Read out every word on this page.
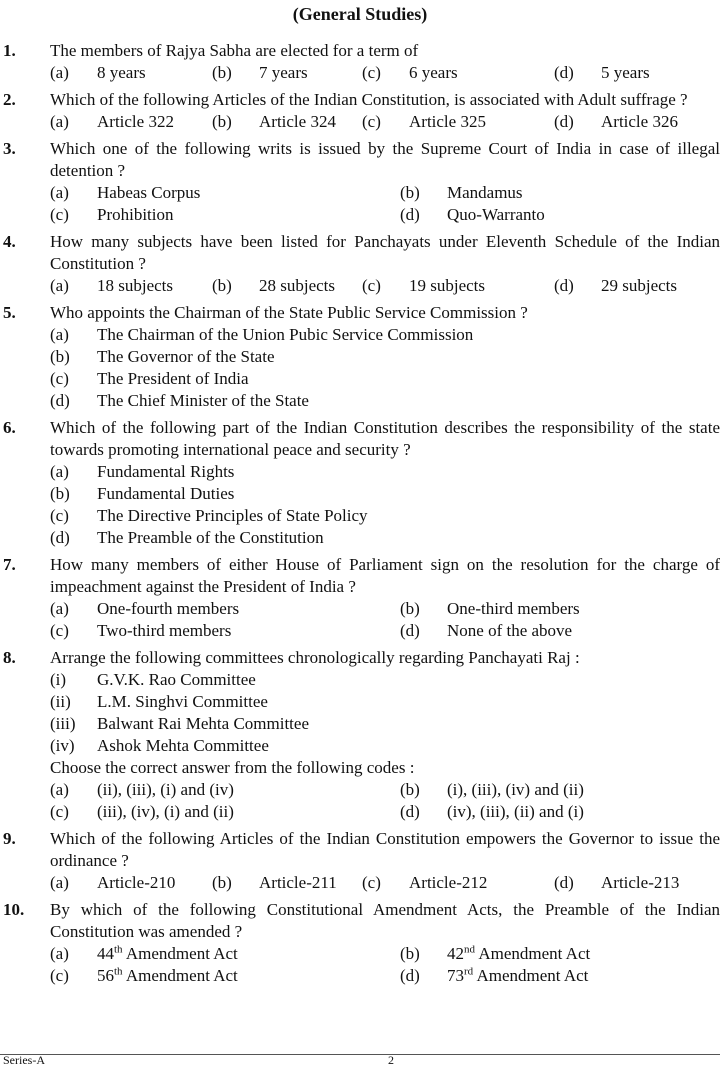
(General Studies)
1. The members of Rajya Sabha are elected for a term of
(a)	8 years	(b)	7 years	(c)	6 years	(d)	5 years
2. Which of the following Articles of the Indian Constitution, is associated with Adult suffrage ?
(a)	Article 322 (b)	Article 324 (c)	Article 325	(d)	Article 326
3. Which one of the following writs is issued by the Supreme Court of India in case of illegal detention ?
(a)	Habeas Corpus	(b)	Mandamus
(c)	Prohibition	(d)	Quo-Warranto
4. How many subjects have been listed for Panchayats under Eleventh Schedule of the Indian Constitution ?
(a)	18 subjects (b)	28 subjects (c)	19 subjects	(d)	29 subjects
5. Who appoints the Chairman of the State Public Service Commission ?
(a)	The Chairman of the Union Pubic Service Commission
(b)	The Governor of the State
(c)	The President of India
(d)	The Chief Minister of the State
6. Which of the following part of the Indian Constitution describes the responsibility of the state towards promoting international peace and security ?
(a)	Fundamental Rights
(b)	Fundamental Duties
(c)	The Directive Principles of State Policy
(d)	The Preamble of the Constitution
7. How many members of either House of Parliament sign on the resolution for the charge of impeachment against the President of India ?
(a)	One-fourth members	(b)	One-third members
(c)	Two-third members	(d)	None of the above
8. Arrange the following committees chronologically regarding Panchayati Raj :
(i)	G.V.K. Rao Committee
(ii)	L.M. Singhvi Committee
(iii)	Balwant Rai Mehta Committee
(iv)	Ashok Mehta Committee
Choose the correct answer from the following codes :
(a)	(ii), (iii), (i) and (iv)	(b)	(i), (iii), (iv) and (ii)
(c)	(iii), (iv), (i) and (ii)	(d)	(iv), (iii), (ii) and (i)
9. Which of the following Articles of the Indian Constitution empowers the Governor to issue the ordinance ?
(a)	Article-210 (b)	Article-211 (c)	Article-212	(d)	Article-213
10. By which of the following Constitutional Amendment Acts, the Preamble of the Indian Constitution was amended ?
(a)	44th Amendment Act	(b)	42nd Amendment Act
(c)	56th Amendment Act	(d)	73rd Amendment Act
Series-A	2
